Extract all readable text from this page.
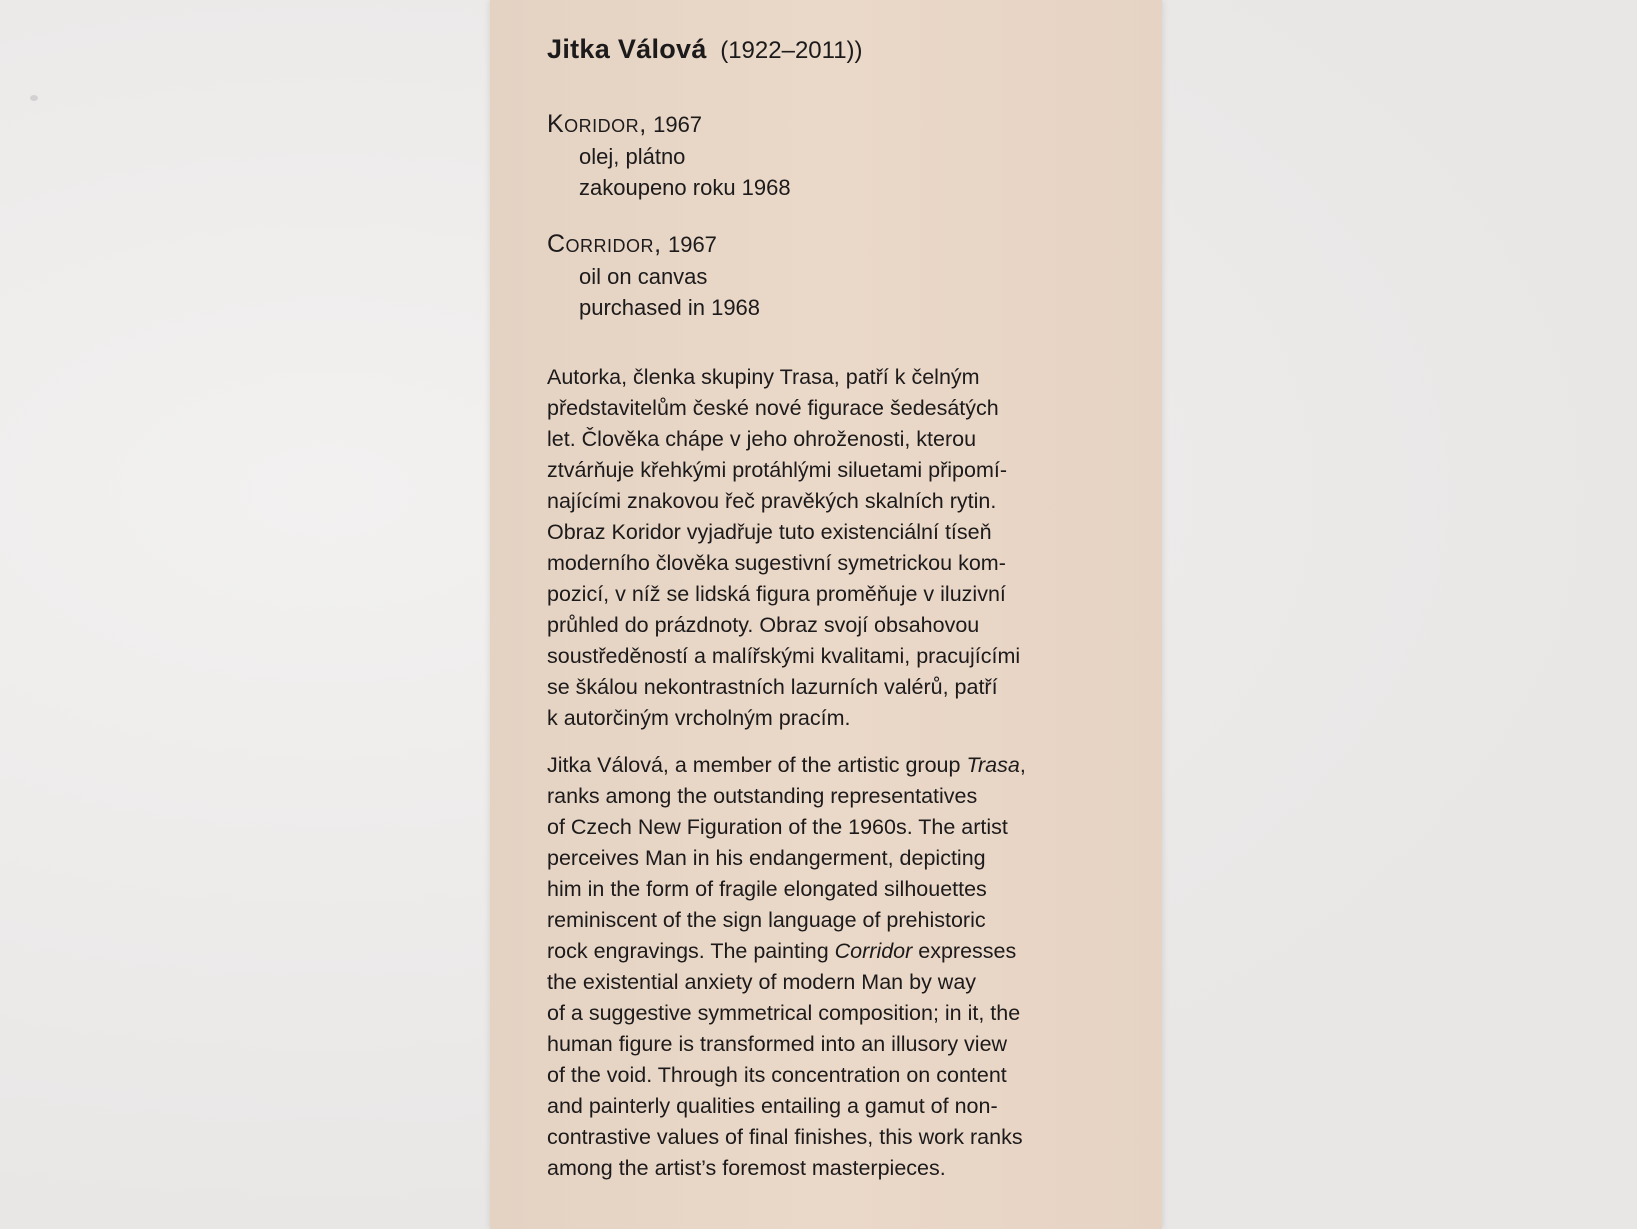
Jitka Válová (1922–2011))
Koridor, 1967
olej, plátno
zakoupeno roku 1968
Corridor, 1967
oil on canvas
purchased in 1968

Autorka, členka skupiny Trasa, patří k čelným
představitelům české nové figurace šedesátých
let. Člověka chápe v jeho ohroženosti, kterou
ztvárňuje křehkými protáhlými siluetami připomí-
najícími znakovou řeč pravěkých skalních rytin.
Obraz Koridor vyjadřuje tuto existenciální tíseň
moderního člověka sugestivní symetrickou kom-
pozicí, v níž se lidská figura proměňuje v iluzivní
průhled do prázdnoty. Obraz svojí obsahovou
soustředěností a malířskými kvalitami, pracujícími
se škálou nekontrastních lazurních valérů, patří
k autorčiným vrcholným pracím.

Jitka Válová, a member of the artistic group Trasa,
ranks among the outstanding representatives
of Czech New Figuration of the 1960s. The artist
perceives Man in his endangerment, depicting
him in the form of fragile elongated silhouettes
reminiscent of the sign language of prehistoric
rock engravings. The painting Corridor expresses
the existential anxiety of modern Man by way
of a suggestive symmetrical composition; in it, the
human figure is transformed into an illusory view
of the void. Through its concentration on content
and painterly qualities entailing a gamut of non-
contrastive values of final finishes, this work ranks
among the artist’s foremost masterpieces.
